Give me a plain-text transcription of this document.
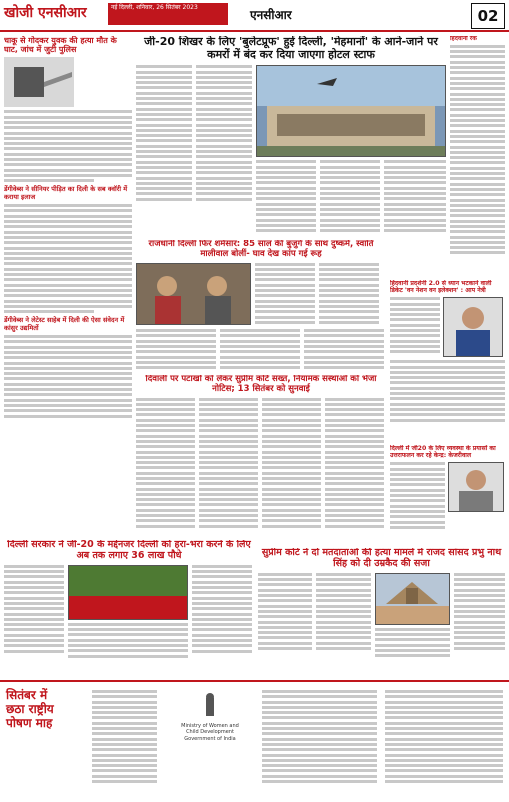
खोजी एनसीआर	नई दिल्ली, शनिवार, 26 सितंबर 2023
एनसीआर	02
चाकू से गोदकर युवक की हत्या मौत के घाट, जांच में जुटी पुलिस
डेंगीवेब्स ने सीनियर पीड़ित का दिली के सब क्वॉरी में कराया इलाज
डेंगीवेब्स ने लेटेस्ट साहेब में दिली की ऐसा संवेदन में कांसुर उद्यमितों
जी-20 शिखर के लिए 'बुलेटप्रूफ' हुई दिल्ली, 'मेहमानों' के आने-जाने पर कमरों में बंद कर दिया जाएगा होटल स्टाफ
हिंदवानी रैंक
राजधानी दिल्ली फिर शर्मसार: 85 साल की बुजुर्ग के साथ दुष्कर्म, स्वाति मालीवाल बोलीं- घाव देख कांप गई रूह
हिंदवानी प्रदर्शनी 2.0 से ध्यान भटकाने वाली डिकेट 'वन नेशन वन इलेक्शन' : आप नेत्री
दिवाली पर पटाखों को लेकर सुप्रीम कोर्ट सख्त, नियामक संस्थाओं को भेजा नोटिस; 13 सितंबर को सुनवाई
दिल्ली में जी20 के लिए व्यवस्था के प्रयासों का उत्तराफलन कर रहे केन्द्र: केजरीवाल
दिल्ली सरकार ने जी-20 के मद्देनजर दिल्ली को हरा-भरा करने के लिए अब तक लगाए 36 लाख पौधे	सुप्रीम कोर्ट ने दो मतदाताओं की हत्या मामले में राजद सांसद प्रभु नाथ सिंह को दी उम्रकैद की सजा
सितंबर में
छठा राष्ट्रीय
पोषण माह	Ministry of Women and
Child Development
Government of India
